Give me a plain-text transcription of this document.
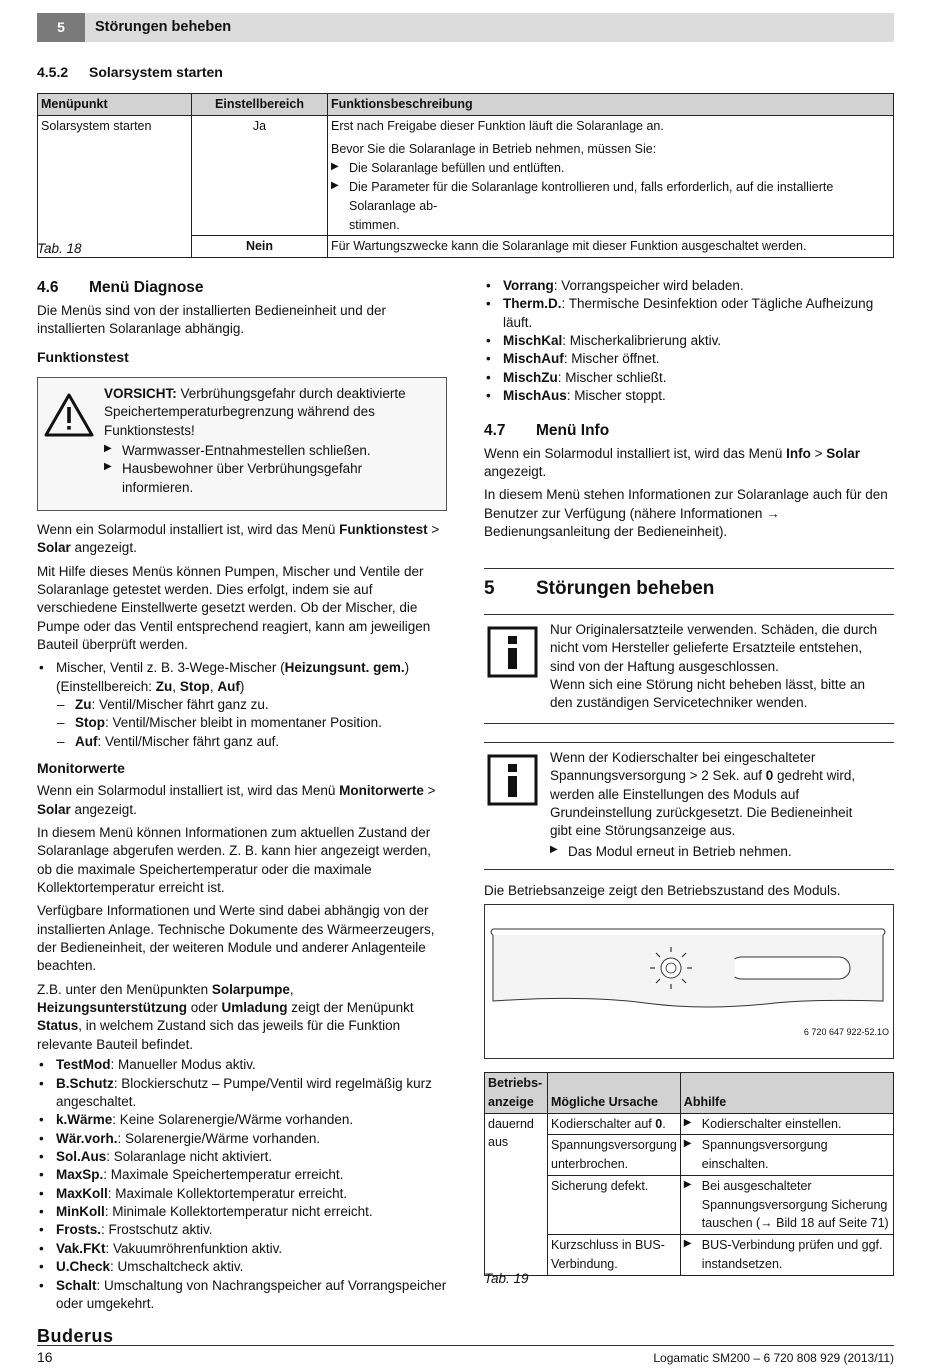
5	Störungen beheben
4.5.2 Solarsystem starten
Menüpunkt	Einstellbereich	Funktionsbeschreibung
Solarsystem starten	Ja	Erst nach Freigabe dieser Funktion läuft die Solaranlage an.
Bevor Sie die Solaranlage in Betrieb nehmen, müssen Sie:
▶ Die Solaranlage befüllen und entlüften.
▶ Die Parameter für die Solaranlage kontrollieren und, falls erforderlich, auf die installierte Solaranlage ab-
stimmen.

	Nein	Für Wartungszwecke kann die Solaranlage mit dieser Funktion ausgeschaltet werden.
Tab. 18
4.6 Menü Diagnose

Die Menüs sind von der installierten Bedieneinheit und der installierten Solaranlage abhängig.

Funktionstest
VORSICHT: Verbrühungsgefahr durch deaktivierte Speichertemperaturbegrenzung während des Funktionstests!
▶ Warmwasser-Entnahmestellen schließen.
▶ Hausbewohner über Verbrühungsgefahr informieren.

Wenn ein Solarmodul installiert ist, wird das Menü Funktionstest > Solar angezeigt.

Mit Hilfe dieses Menüs können Pumpen, Mischer und Ventile der Solaranlage getestet werden. Dies erfolgt, indem sie auf verschiedene Einstellwerte gesetzt werden. Ob der Mischer, die Pumpe oder das Ventil entsprechend reagiert, kann am jeweiligen Bauteil überprüft werden.

• Mischer, Ventil z. B. 3-Wege-Mischer (Heizungsunt. gem.)
(Einstellbereich: Zu, Stop, Auf)
– Zu: Ventil/Mischer fährt ganz zu.
– Stop: Ventil/Mischer bleibt in momentaner Position.
– Auf: Ventil/Mischer fährt ganz auf.
Monitorwerte

Wenn ein Solarmodul installiert ist, wird das Menü Monitorwerte > Solar angezeigt.

In diesem Menü können Informationen zum aktuellen Zustand der Solaranlage abgerufen werden. Z. B. kann hier angezeigt werden, ob die maximale Speichertemperatur oder die maximale Kollektortemperatur erreicht ist.

Verfügbare Informationen und Werte sind dabei abhängig von der installierten Anlage. Technische Dokumente des Wärmeerzeugers, der Bedieneinheit, der weiteren Module und anderer Anlagenteile beachten.

Z.B. unter den Menüpunkten Solarpumpe, Heizungsunterstützung oder Umladung zeigt der Menüpunkt Status, in welchem Zustand sich das jeweils für die Funktion relevante Bauteil befindet.

• TestMod: Manueller Modus aktiv.
• B.Schutz: Blockierschutz – Pumpe/Ventil wird regelmäßig kurz angeschaltet.
• k.Wärme: Keine Solarenergie/Wärme vorhanden.
• Wär.vorh.: Solarenergie/Wärme vorhanden.
• Sol.Aus: Solaranlage nicht aktiviert.
• MaxSp.: Maximale Speichertemperatur erreicht.
• MaxKoll: Maximale Kollektortemperatur erreicht.
• MinKoll: Minimale Kollektortemperatur nicht erreicht.
• Frosts.: Frostschutz aktiv.
• Vak.FKt: Vakuumröhrenfunktion aktiv.
• U.Check: Umschaltcheck aktiv.
• Schalt: Umschaltung von Nachrangspeicher auf Vorrangspeicher oder umgekehrt.
• Vorrang: Vorrangspeicher wird beladen.
• Therm.D.: Thermische Desinfektion oder Tägliche Aufheizung läuft.
• MischKal: Mischerkalibrierung aktiv.
• MischAuf: Mischer öffnet.
• MischZu: Mischer schließt.
• MischAus: Mischer stoppt.
4.7 Menü Info

Wenn ein Solarmodul installiert ist, wird das Menü Info > Solar angezeigt.

In diesem Menü stehen Informationen zur Solaranlage auch für den Benutzer zur Verfügung (nähere Informationen → Bedienungsanleitung der Bedieneinheit).

5 Störungen beheben
Nur Originalersatzteile verwenden. Schäden, die durch nicht vom Hersteller gelieferte Ersatzteile entstehen, sind von der Haftung ausgeschlossen.
Wenn sich eine Störung nicht beheben lässt, bitte an den zuständigen Servicetechniker wenden.
Wenn der Kodierschalter bei eingeschalteter Spannungsversorgung > 2 Sek. auf 0 gedreht wird, werden alle Einstellungen des Moduls auf Grundeinstellung zurückgesetzt. Die Bedieneinheit gibt eine Störungsanzeige aus.
▶ Das Modul erneut in Betrieb nehmen.
Die Betriebsanzeige zeigt den Betriebszustand des Moduls.
6 720 647 922-52.1O
Betriebs-
anzeige	Mögliche Ursache	Abhilfe
dauernd
aus	Kodierschalter auf 0.	▶ Kodierschalter einstellen.

	Spannungsversorgung unterbrochen.	▶ Spannungsversorgung einschalten.

	Sicherung defekt.	▶ Bei ausgeschalteter Spannungsversorgung Sicherung tauschen (→ Bild 18 auf Seite 71)

	Kurzschluss in BUS-Verbindung.	▶ BUS-Verbindung prüfen und ggf. instandsetzen.
Tab. 19
Buderus
16	Logamatic SM200 – 6 720 808 929 (2013/11)
